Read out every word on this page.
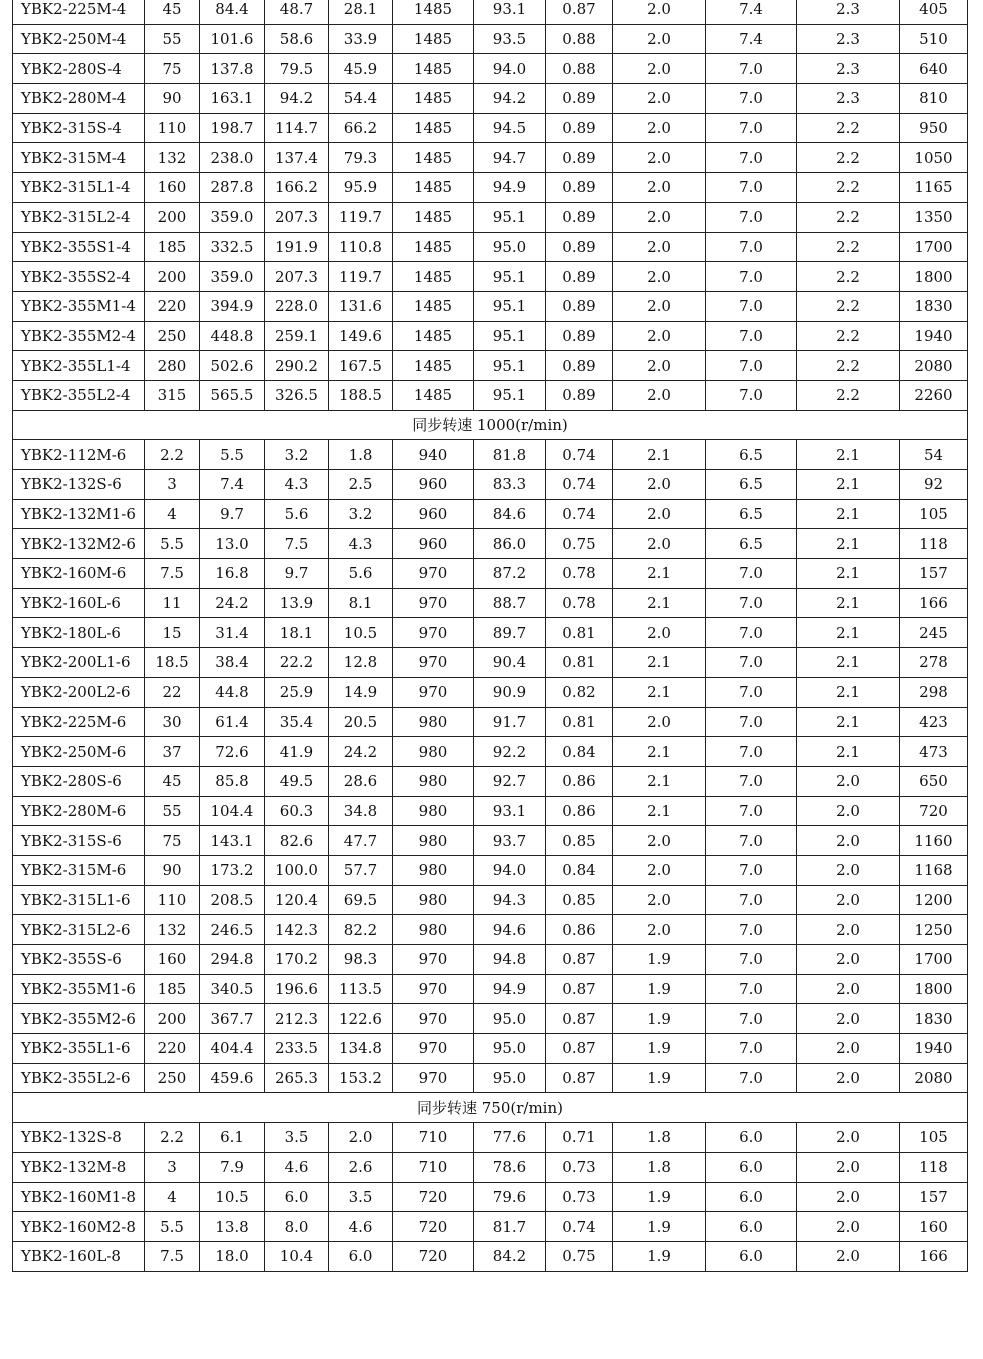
YBK2-225M-4	45	84.4	48.7	28.1	1485	93.1	0.87	2.0	7.4	2.3	405
YBK2-250M-4	55	101.6	58.6	33.9	1485	93.5	0.88	2.0	7.4	2.3	510
YBK2-280S-4	75	137.8	79.5	45.9	1485	94.0	0.88	2.0	7.0	2.3	640
YBK2-280M-4	90	163.1	94.2	54.4	1485	94.2	0.89	2.0	7.0	2.3	810
YBK2-315S-4	110	198.7	114.7	66.2	1485	94.5	0.89	2.0	7.0	2.2	950
YBK2-315M-4	132	238.0	137.4	79.3	1485	94.7	0.89	2.0	7.0	2.2	1050
YBK2-315L1-4	160	287.8	166.2	95.9	1485	94.9	0.89	2.0	7.0	2.2	1165
YBK2-315L2-4	200	359.0	207.3	119.7	1485	95.1	0.89	2.0	7.0	2.2	1350
YBK2-355S1-4	185	332.5	191.9	110.8	1485	95.0	0.89	2.0	7.0	2.2	1700
YBK2-355S2-4	200	359.0	207.3	119.7	1485	95.1	0.89	2.0	7.0	2.2	1800
YBK2-355M1-4	220	394.9	228.0	131.6	1485	95.1	0.89	2.0	7.0	2.2	1830
YBK2-355M2-4	250	448.8	259.1	149.6	1485	95.1	0.89	2.0	7.0	2.2	1940
YBK2-355L1-4	280	502.6	290.2	167.5	1485	95.1	0.89	2.0	7.0	2.2	2080
YBK2-355L2-4	315	565.5	326.5	188.5	1485	95.1	0.89	2.0	7.0	2.2	2260
同步转速 1000(r/min)											
YBK2-112M-6	2.2	5.5	3.2	1.8	940	81.8	0.74	2.1	6.5	2.1	54
YBK2-132S-6	3	7.4	4.3	2.5	960	83.3	0.74	2.0	6.5	2.1	92
YBK2-132M1-6	4	9.7	5.6	3.2	960	84.6	0.74	2.0	6.5	2.1	105
YBK2-132M2-6	5.5	13.0	7.5	4.3	960	86.0	0.75	2.0	6.5	2.1	118
YBK2-160M-6	7.5	16.8	9.7	5.6	970	87.2	0.78	2.1	7.0	2.1	157
YBK2-160L-6	11	24.2	13.9	8.1	970	88.7	0.78	2.1	7.0	2.1	166
YBK2-180L-6	15	31.4	18.1	10.5	970	89.7	0.81	2.0	7.0	2.1	245
YBK2-200L1-6	18.5	38.4	22.2	12.8	970	90.4	0.81	2.1	7.0	2.1	278
YBK2-200L2-6	22	44.8	25.9	14.9	970	90.9	0.82	2.1	7.0	2.1	298
YBK2-225M-6	30	61.4	35.4	20.5	980	91.7	0.81	2.0	7.0	2.1	423
YBK2-250M-6	37	72.6	41.9	24.2	980	92.2	0.84	2.1	7.0	2.1	473
YBK2-280S-6	45	85.8	49.5	28.6	980	92.7	0.86	2.1	7.0	2.0	650
YBK2-280M-6	55	104.4	60.3	34.8	980	93.1	0.86	2.1	7.0	2.0	720
YBK2-315S-6	75	143.1	82.6	47.7	980	93.7	0.85	2.0	7.0	2.0	1160
YBK2-315M-6	90	173.2	100.0	57.7	980	94.0	0.84	2.0	7.0	2.0	1168
YBK2-315L1-6	110	208.5	120.4	69.5	980	94.3	0.85	2.0	7.0	2.0	1200
YBK2-315L2-6	132	246.5	142.3	82.2	980	94.6	0.86	2.0	7.0	2.0	1250
YBK2-355S-6	160	294.8	170.2	98.3	970	94.8	0.87	1.9	7.0	2.0	1700
YBK2-355M1-6	185	340.5	196.6	113.5	970	94.9	0.87	1.9	7.0	2.0	1800
YBK2-355M2-6	200	367.7	212.3	122.6	970	95.0	0.87	1.9	7.0	2.0	1830
YBK2-355L1-6	220	404.4	233.5	134.8	970	95.0	0.87	1.9	7.0	2.0	1940
YBK2-355L2-6	250	459.6	265.3	153.2	970	95.0	0.87	1.9	7.0	2.0	2080
同步转速 750(r/min)											
YBK2-132S-8	2.2	6.1	3.5	2.0	710	77.6	0.71	1.8	6.0	2.0	105
YBK2-132M-8	3	7.9	4.6	2.6	710	78.6	0.73	1.8	6.0	2.0	118
YBK2-160M1-8	4	10.5	6.0	3.5	720	79.6	0.73	1.9	6.0	2.0	157
YBK2-160M2-8	5.5	13.8	8.0	4.6	720	81.7	0.74	1.9	6.0	2.0	160
YBK2-160L-8	7.5	18.0	10.4	6.0	720	84.2	0.75	1.9	6.0	2.0	166
